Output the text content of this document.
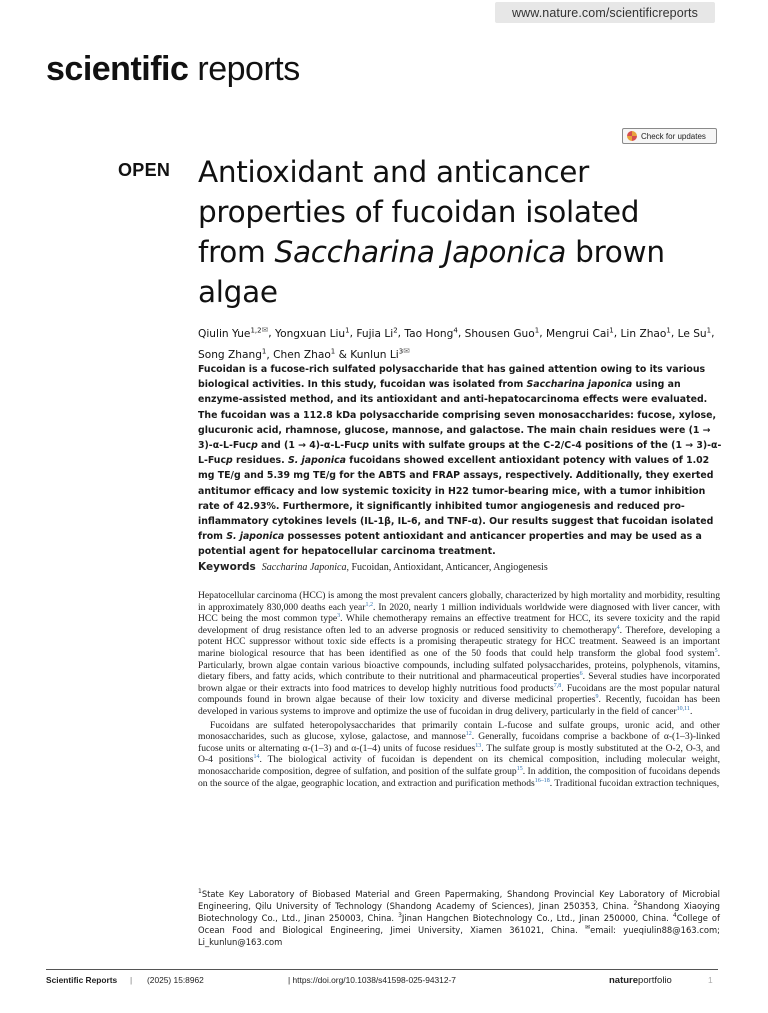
www.nature.com/scientificreports
scientific reports
Check for updates
OPEN Antioxidant and anticancer properties of fucoidan isolated from Saccharina Japonica brown algae
Qiulin Yue$^{1,2✉}$, Yongxuan Liu$^1$, Fujia Li$^2$, Tao Hong$^4$, Shousen Guo$^1$, Mengrui Cai$^1$, Lin Zhao$^1$, Le Su$^1$, Song Zhang$^1$, Chen Zhao$^1$ & Kunlun $Li^{3✉}$

Fucoidan is a fucose-rich sulfated polysaccharide that has gained attention owing to its various biological activities. In this study, fucoidan was isolated from Saccharina japonica using an enzyme-assisted method, and its antioxidant and anti-hepatocarcinoma effects were evaluated. The fucoidan was a 112.8 kDa polysaccharide comprising seven monosaccharides: fucose, xylose, glucuronic acid, rhamnose, glucose, mannose, and galactose. The main chain residues were (1 → 3)-α-L-Fucp and (1 → 4)-α-L-Fucp units with sulfate groups at the C-2/C-4 positions of the (1 → 3)-α-L-Fucp residues. S. japonica fucoidans showed excellent antioxidant potency with values of 1.02 mg TE/g and 5.39 mg TE/g for the ABTS and FRAP assays, respectively. Additionally, they exerted antitumor efficacy and low systemic toxicity in H22 tumor-bearing mice, with a tumor inhibition rate of 42.93%. Furthermore, it significantly inhibited tumor angiogenesis and reduced pro-inflammatory cytokines levels (IL-1β, IL-6, and TNF-α). Our results suggest that fucoidan isolated from S. japonica possesses potent antioxidant and anticancer properties and may be used as a potential agent for hepatocellular carcinoma treatment.

Keywords Saccharina Japonica, Fucoidan, Antioxidant, Anticancer, Angiogenesis

Hepatocellular carcinoma (HCC) is among the most prevalent cancers globally, characterized by high mortality and morbidity, resulting in approximately 830,000 deaths each year$^{1,2}$. In 2020, nearly 1 million individuals worldwide were diagnosed with liver cancer, with HCC being the most common type$^3$. While chemotherapy remains an effective treatment for HCC, its severe toxicity and the rapid development of drug resistance often led to an adverse prognosis or reduced sensitivity to chemotherapy$^4$. Therefore, developing a potent HCC suppressor without toxic side effects is a promising therapeutic strategy for HCC treatment. Seaweed is an important marine biological resource that has been identified as one of the 50 foods that could help transform the global food system$^5$. Particularly, brown algae contain various bioactive compounds, including sulfated polysaccharides, proteins, polyphenols, vitamins, dietary fibers, and fatty acids, which contribute to their nutritional and pharmaceutical properties$^6$. Several studies have incorporated brown algae or their extracts into food matrices to develop highly nutritious food products$^{7,8}$. Fucoidans are the most popular natural compounds found in brown algae because of their low toxicity and diverse medicinal properties$^9$. Recently, fucoidan has been developed in various systems to improve and optimize the use of fucoidan in drug delivery, particularly in the field of cancer$^{10,11}$.

Fucoidans are sulfated heteropolysaccharides that primarily contain L-fucose and sulfate groups, uronic acid, and other monosaccharides, such as glucose, xylose, galactose, and mannose$^{12}$. Generally, fucoidans comprise a backbone of α-(1–3)-linked fucose units or alternating α-(1–3) and α-(1–4) units of fucose residues$^{13}$. The sulfate group is mostly substituted at the O-2, O-3, and O-4 positions$^{14}$. The biological activity of fucoidan is dependent on its chemical composition, including molecular weight, monosaccharide composition, degree of sulfation, and position of the sulfate group$^{15}$. In addition, the composition of fucoidans depends on the source of the algae, geographic location, and extraction and purification methods$^{16-18}$. Traditional fucoidan extraction techniques,

$^1$State Key Laboratory of Biobased Material and Green Papermaking, Shandong Provincial Key Laboratory of Microbial Engineering, Qilu University of Technology (Shandong Academy of Sciences), Jinan 250353, China. $^2$Shandong Xiaoying Biotechnology Co., Ltd., Jinan 250003, China. $^3$Jinan Hangchen Biotechnology Co., Ltd., Jinan 250000, China. $^4$College of Ocean Food and Biological Engineering, Jimei University, Xiamen 361021, China. ✉email: yueqiulin88@163.com; Li_kunlun@163.com
Scientific Reports | (2025) 15:8962	| https://doi.org/10.1038/s41598-025-94312-7	natureportfolio	1
